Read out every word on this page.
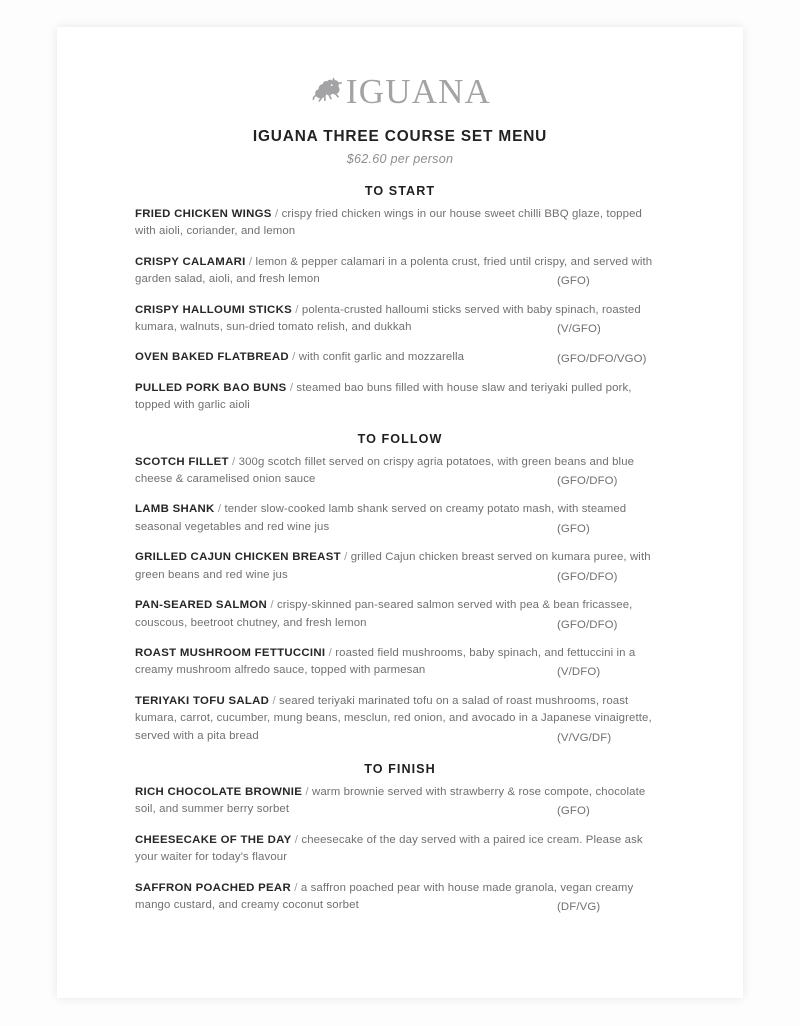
IGUANA
IGUANA THREE COURSE SET MENU
$62.60 per person
TO START
FRIED CHICKEN WINGS / crispy fried chicken wings in our house sweet chilli BBQ glaze, topped with aioli, coriander, and lemon
CRISPY CALAMARI / lemon & pepper calamari in a polenta crust, fried until crispy, and served with garden salad, aioli, and fresh lemon	(GFO)
CRISPY HALLOUMI STICKS / polenta-crusted halloumi sticks served with baby spinach, roasted kumara, walnuts, sun-dried tomato relish, and dukkah	(V/GFO)
OVEN BAKED FLATBREAD / with confit garlic and mozzarella	(GFO/DFO/VGO)
PULLED PORK BAO BUNS / steamed bao buns filled with house slaw and teriyaki pulled pork, topped with garlic aioli
TO FOLLOW
SCOTCH FILLET / 300g scotch fillet served on crispy agria potatoes, with green beans and blue cheese & caramelised onion sauce	(GFO/DFO)
LAMB SHANK / tender slow-cooked lamb shank served on creamy potato mash, with steamed seasonal vegetables and red wine jus	(GFO)
GRILLED CAJUN CHICKEN BREAST / grilled Cajun chicken breast served on kumara puree, with green beans and red wine jus	(GFO/DFO)
PAN-SEARED SALMON / crispy-skinned pan-seared salmon served with pea & bean fricassee, couscous, beetroot chutney, and fresh lemon	(GFO/DFO)
ROAST MUSHROOM FETTUCCINI / roasted field mushrooms, baby spinach, and fettuccini in a creamy mushroom alfredo sauce, topped with parmesan	(V/DFO)
TERIYAKI TOFU SALAD / seared teriyaki marinated tofu on a salad of roast mushrooms, roast kumara, carrot, cucumber, mung beans, mesclun, red onion, and avocado in a Japanese vinaigrette, served with a pita bread	(V/VG/DF)
TO FINISH
RICH CHOCOLATE BROWNIE / warm brownie served with strawberry & rose compote, chocolate soil, and summer berry sorbet	(GFO)
CHEESECAKE OF THE DAY / cheesecake of the day served with a paired ice cream. Please ask your waiter for today's flavour
SAFFRON POACHED PEAR / a saffron poached pear with house made granola, vegan creamy mango custard, and creamy coconut sorbet	(DF/VG)
